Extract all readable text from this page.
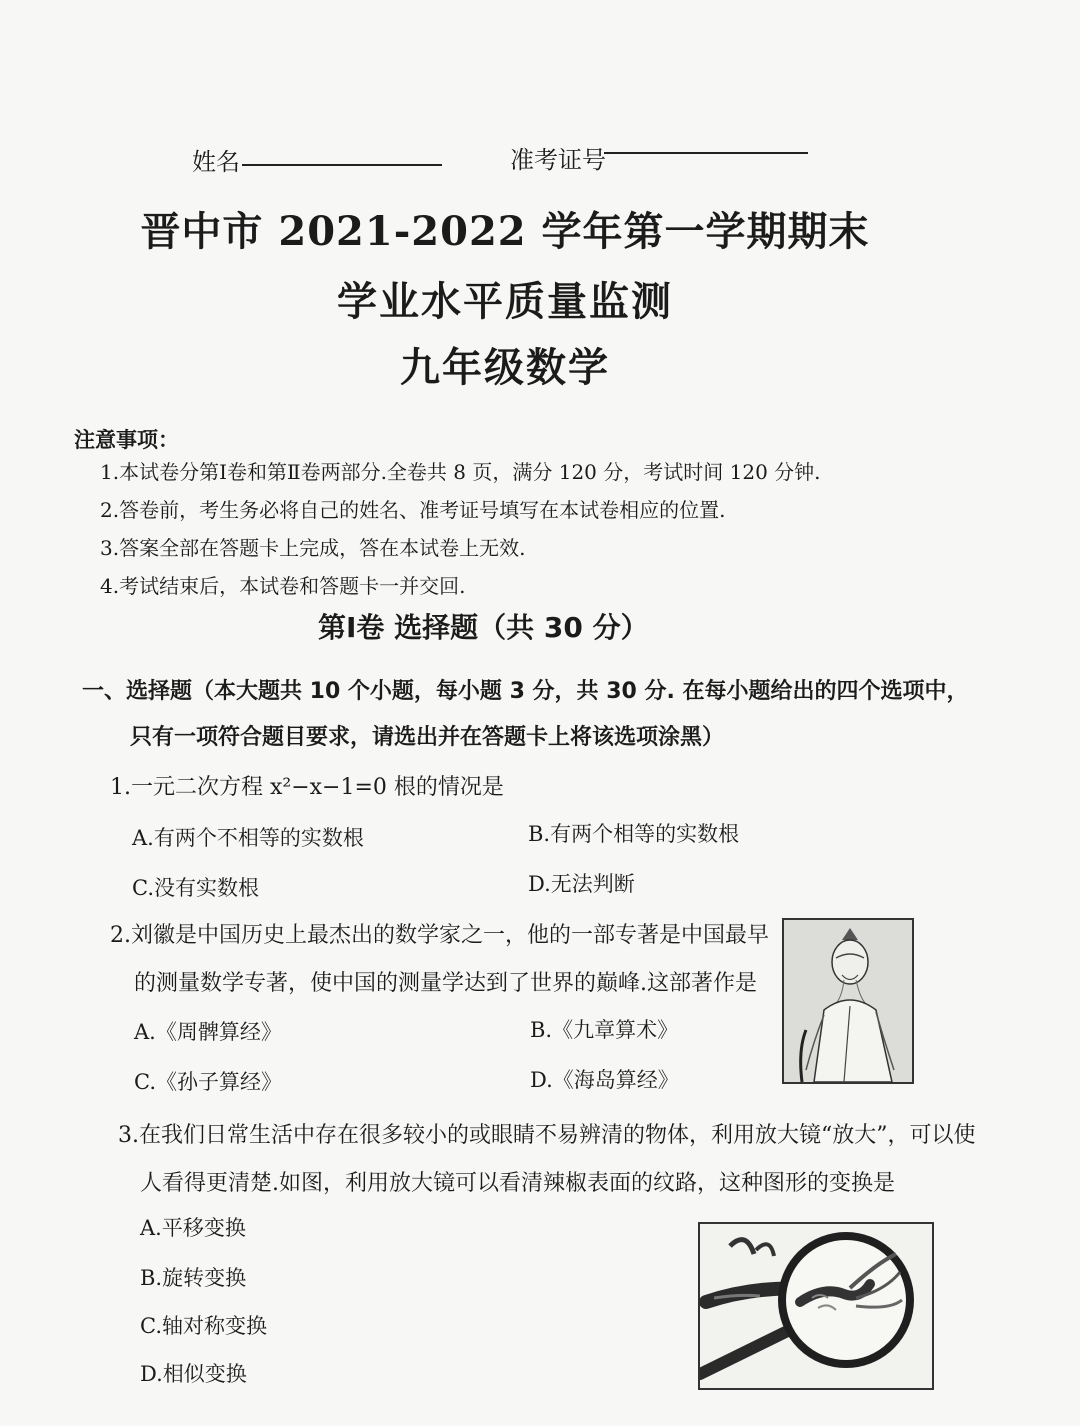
姓名	准考证号
晋中市 2021-2022 学年第一学期期末
学业水平质量监测
九年级数学
注意事项：
1.本试卷分第Ⅰ卷和第Ⅱ卷两部分.全卷共 8 页，满分 120 分，考试时间 120 分钟.
2.答卷前，考生务必将自己的姓名、准考证号填写在本试卷相应的位置.
3.答案全部在答题卡上完成，答在本试卷上无效.
4.考试结束后，本试卷和答题卡一并交回.
第Ⅰ卷 选择题（共 30 分）
一、选择题（本大题共 10 个小题，每小题 3 分，共 30 分. 在每小题给出的四个选项中，
只有一项符合题目要求，请选出并在答题卡上将该选项涂黑）
1.一元二次方程 x²−x−1=0 根的情况是
A.有两个不相等的实数根	B.有两个相等的实数根
C.没有实数根	D.无法判断
2.刘徽是中国历史上最杰出的数学家之一，他的一部专著是中国最早
的测量数学专著，使中国的测量学达到了世界的巅峰.这部著作是
A.《周髀算经》	B.《九章算术》
C.《孙子算经》	D.《海岛算经》
3.在我们日常生活中存在很多较小的或眼睛不易辨清的物体，利用放大镜“放大”，可以使
人看得更清楚.如图，利用放大镜可以看清辣椒表面的纹路，这种图形的变换是
A.平移变换
B.旋转变换
C.轴对称变换
D.相似变换
